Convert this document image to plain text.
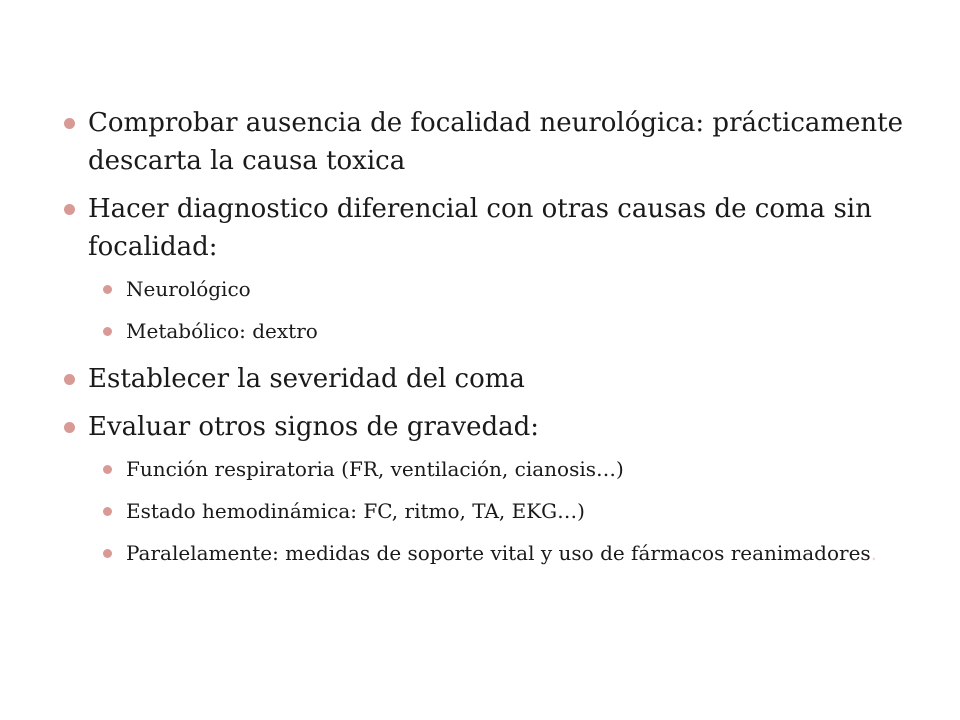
Comprobar ausencia de focalidad neurológica: prácticamente descarta la causa toxica
Hacer diagnostico diferencial con otras causas de coma sin focalidad:
Neurológico
Metabólico: dextro
Establecer la severidad del coma
Evaluar otros signos de gravedad:
Función respiratoria (FR, ventilación, cianosis…)
Estado hemodinámica: FC, ritmo, TA, EKG…)
Paralelamente: medidas de soporte vital y uso de fármacos reanimadores.
